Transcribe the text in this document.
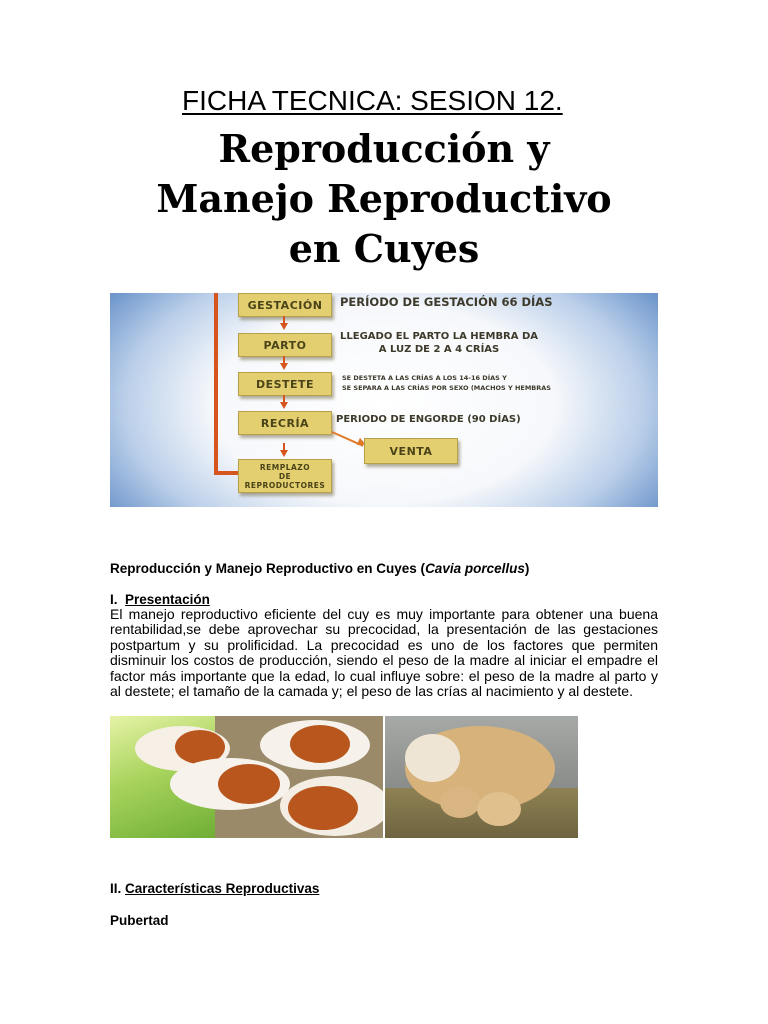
FICHA TECNICA: SESION 12.
Reproducción y
Manejo Reproductivo
en Cuyes
GESTACIÓN
PARTO
DESTETE
RECRÍA
REMPLAZO
DE
REPRODUCTORES
VENTA
PERÍODO DE GESTACIÓN 66 DÍAS
LLEGADO EL PARTO LA HEMBRA DA
A LUZ DE 2 A 4 CRÍAS
SE DESTETA A LAS CRÍAS A LOS 14-16 DÍAS Y
SE SEPARA A LAS CRÍAS POR SEXO (MACHOS Y HEMBRAS
PERIODO DE ENGORDE (90 DÍAS)
Reproducción y Manejo Reproductivo en Cuyes (Cavia porcellus)
I. Presentación
El manejo reproductivo eficiente del cuy es muy importante para obtener una buena rentabilidad,se debe aprovechar su precocidad, la presentación de las gestaciones postpartum y su prolificidad. La precocidad es uno de los factores que permiten disminuir los costos de producción, siendo el peso de la madre al iniciar el empadre el factor más importante que la edad, lo cual influye sobre: el peso de la madre al parto y al destete; el tamaño de la camada y; el peso de las crías al nacimiento y al destete.
II. Características Reproductivas
Pubertad
